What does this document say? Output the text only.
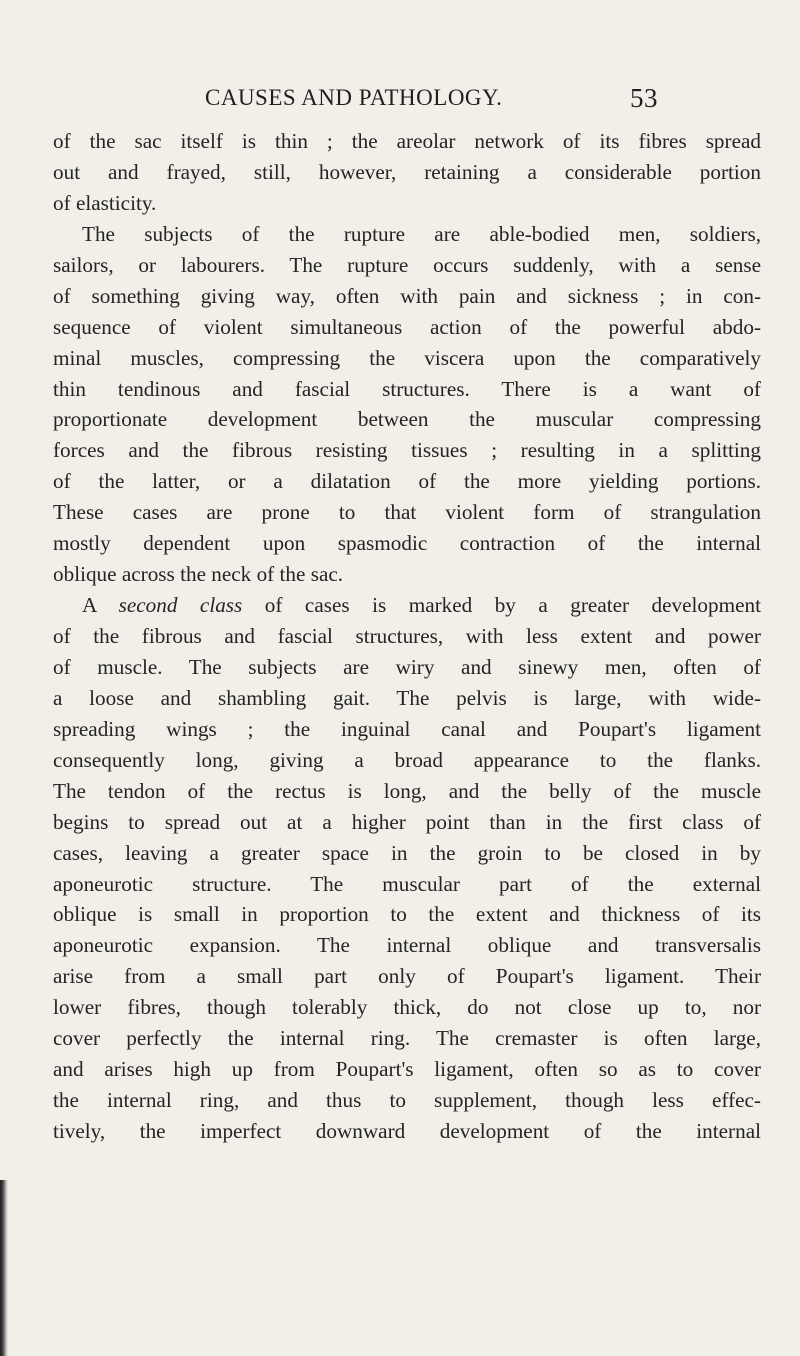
CAUSES AND PATHOLOGY.	53
of the sac itself is thin ; the areolar network of its fibres spread
out and frayed, still, however, retaining a considerable portion
of elasticity.
The subjects of the rupture are able-bodied men, soldiers,
sailors, or labourers. The rupture occurs suddenly, with a sense
of something giving way, often with pain and sickness ; in con-
sequence of violent simultaneous action of the powerful abdo-
minal muscles, compressing the viscera upon the comparatively
thin tendinous and fascial structures. There is a want of
proportionate development between the muscular compressing
forces and the fibrous resisting tissues ; resulting in a splitting
of the latter, or a dilatation of the more yielding portions.
These cases are prone to that violent form of strangulation
mostly dependent upon spasmodic contraction of the internal
oblique across the neck of the sac.
A second class of cases is marked by a greater development
of the fibrous and fascial structures, with less extent and power
of muscle. The subjects are wiry and sinewy men, often of
a loose and shambling gait. The pelvis is large, with wide-
spreading wings ; the inguinal canal and Poupart's ligament
consequently long, giving a broad appearance to the flanks.
The tendon of the rectus is long, and the belly of the muscle
begins to spread out at a higher point than in the first class of
cases, leaving a greater space in the groin to be closed in by
aponeurotic structure. The muscular part of the external
oblique is small in proportion to the extent and thickness of its
aponeurotic expansion. The internal oblique and transversalis
arise from a small part only of Poupart's ligament. Their
lower fibres, though tolerably thick, do not close up to, nor
cover perfectly the internal ring. The cremaster is often large,
and arises high up from Poupart's ligament, often so as to cover
the internal ring, and thus to supplement, though less effec-
tively, the imperfect downward development of the internal
